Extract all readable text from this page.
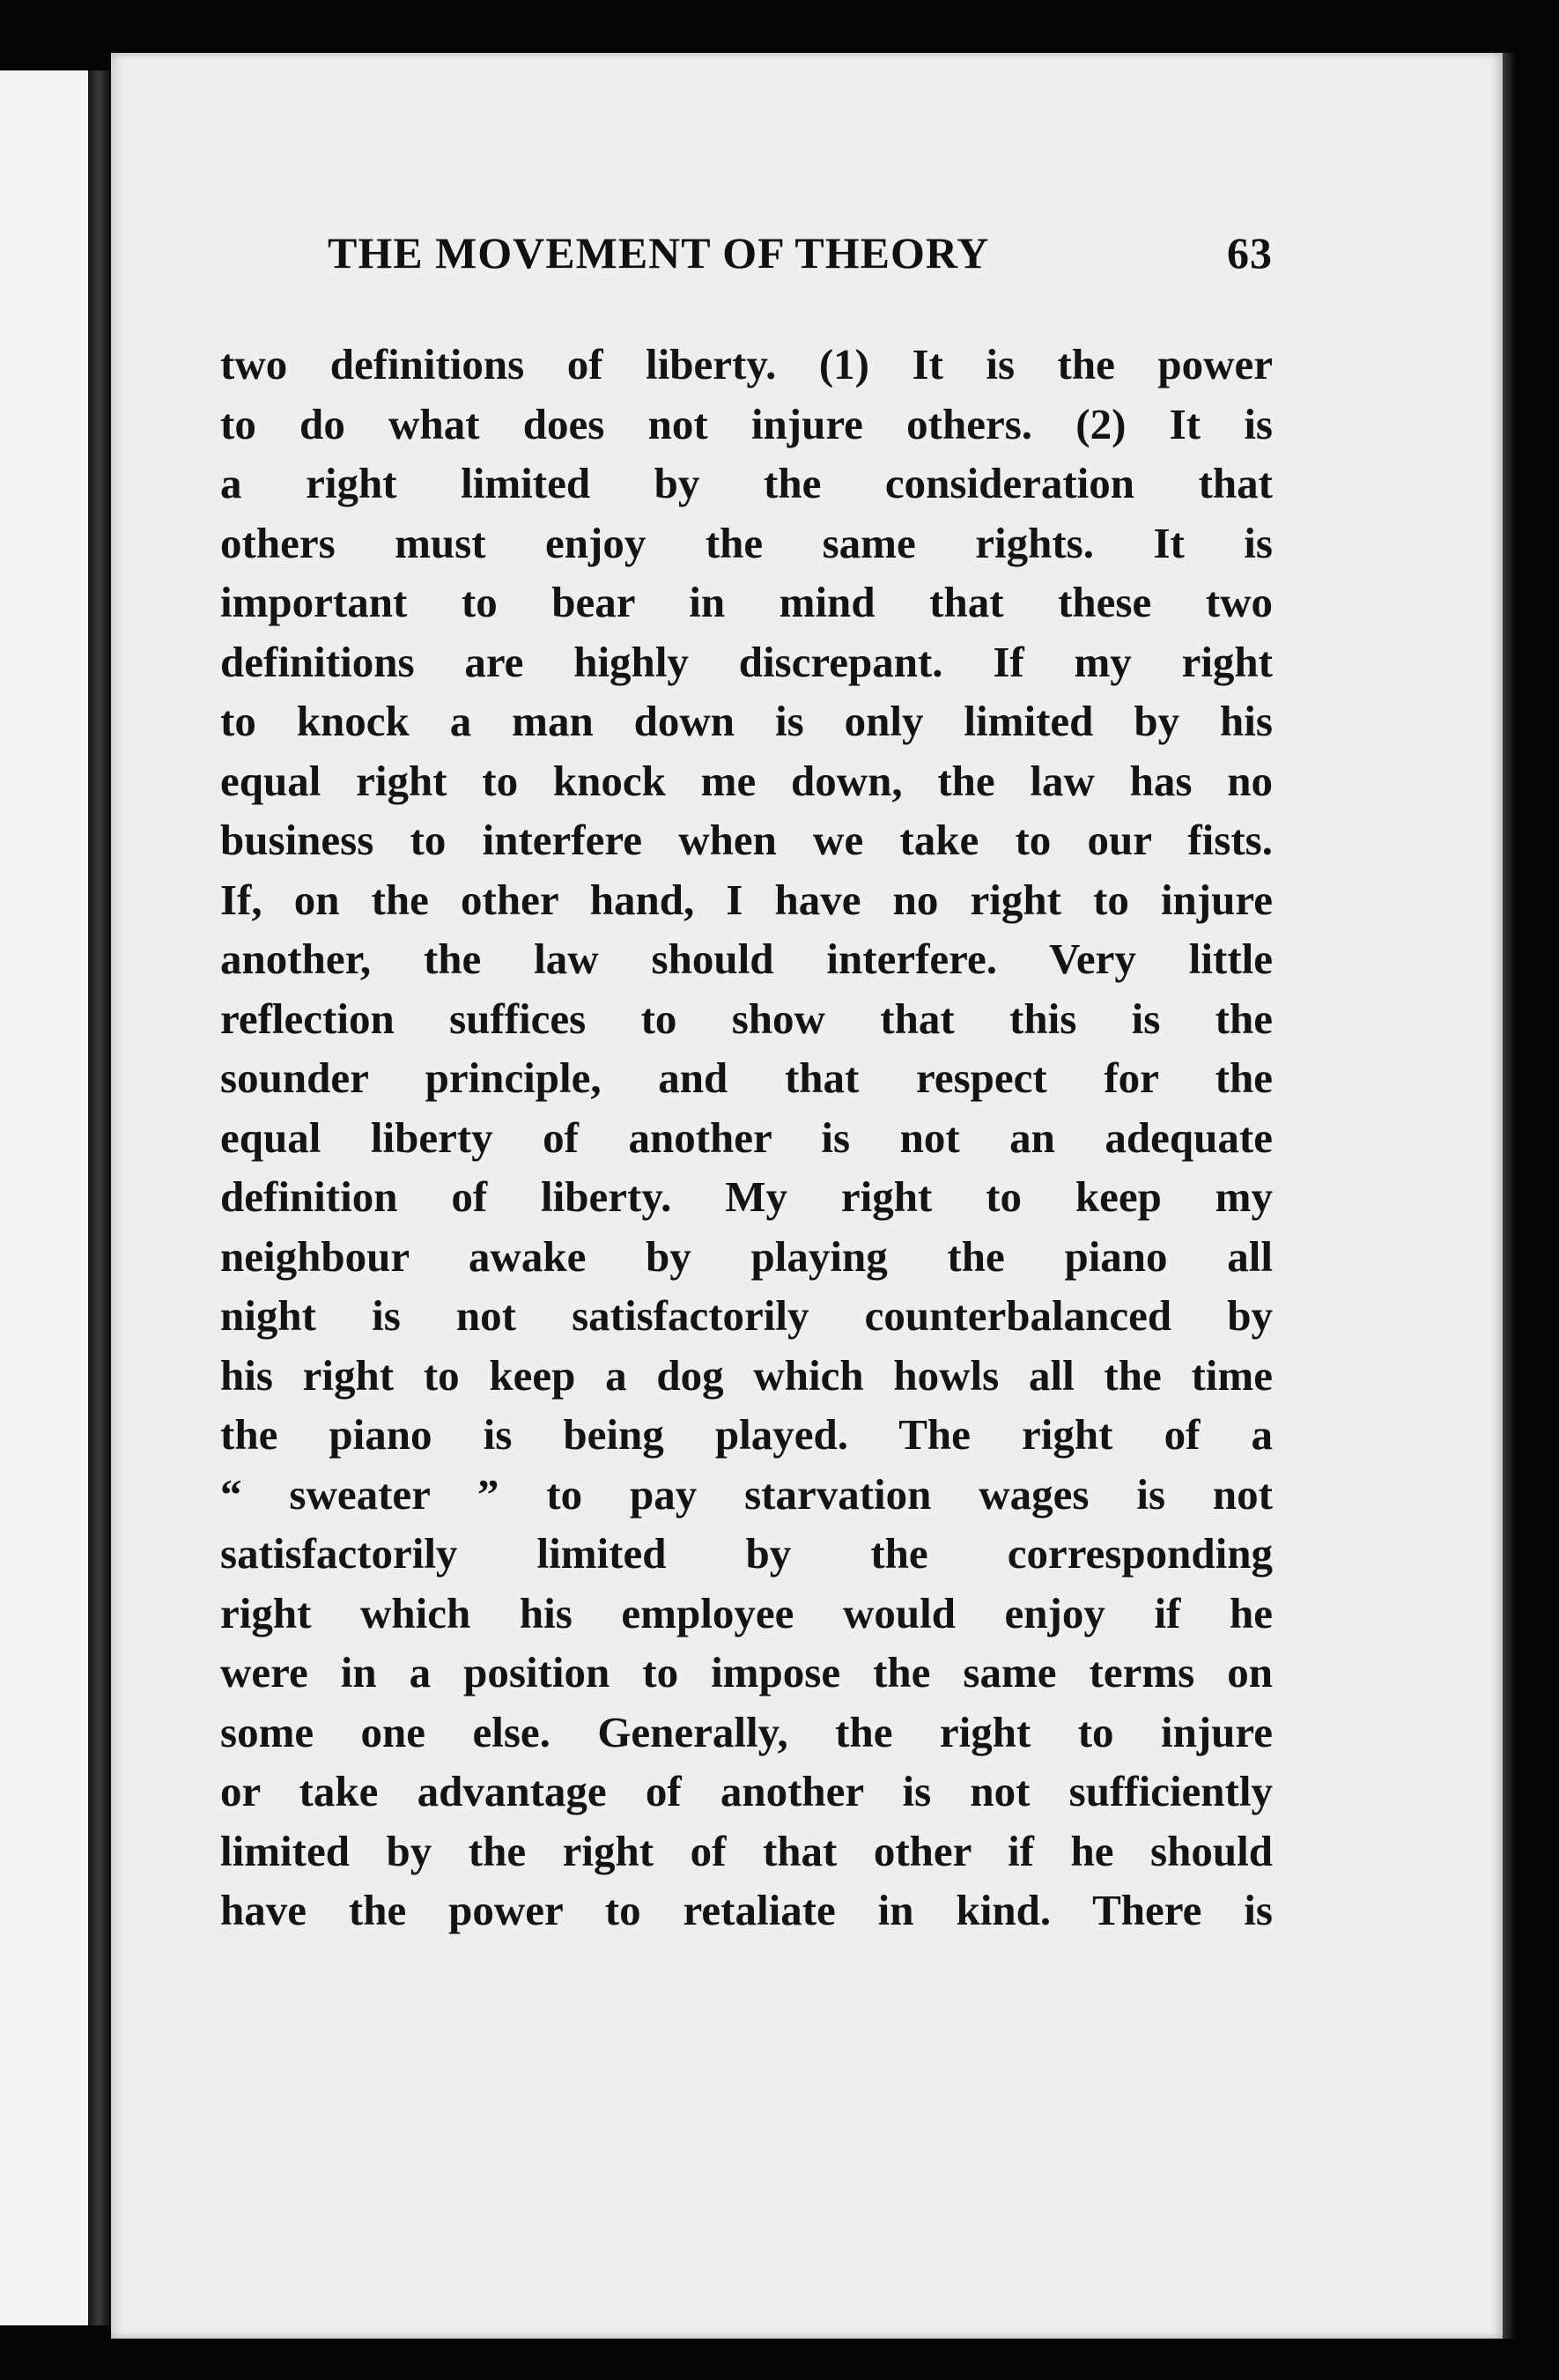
THE ΜOVEMENT OF THEORY	63
two definitions of liberty. (1) It is the power
to do what does not injure others. (2) It is
a right limited by the consideration that
others must enjoy the same rights. It is
important to bear in mind that these two
definitions are highly discrepant. If my right
to knock a man down is only limited by his
equal right to knock me down, the law has no
business to interfere when we take to our fists.
If, on the other hand, I have no right to injure
another, the law should interfere. Very little
reflection suffices to show that this is the
sounder principle, and that respect for the
equal liberty of another is not an adequate
definition of liberty. My right to keep my
neighbour awake by playing the piano all
night is not satisfactorily counterbalanced by
his right to keep a dog which howls all the time
the piano is being played. The right of a
“ sweater ” to pay starvation wages is not
satisfactorily limited by the corresponding
right which his employee would enjoy if he
were in a position to impose the same terms on
some one else. Generally, the right to injure
or take advantage of another is not sufficiently
limited by the right of that other if he should
have the power to retaliate in kind. There is
